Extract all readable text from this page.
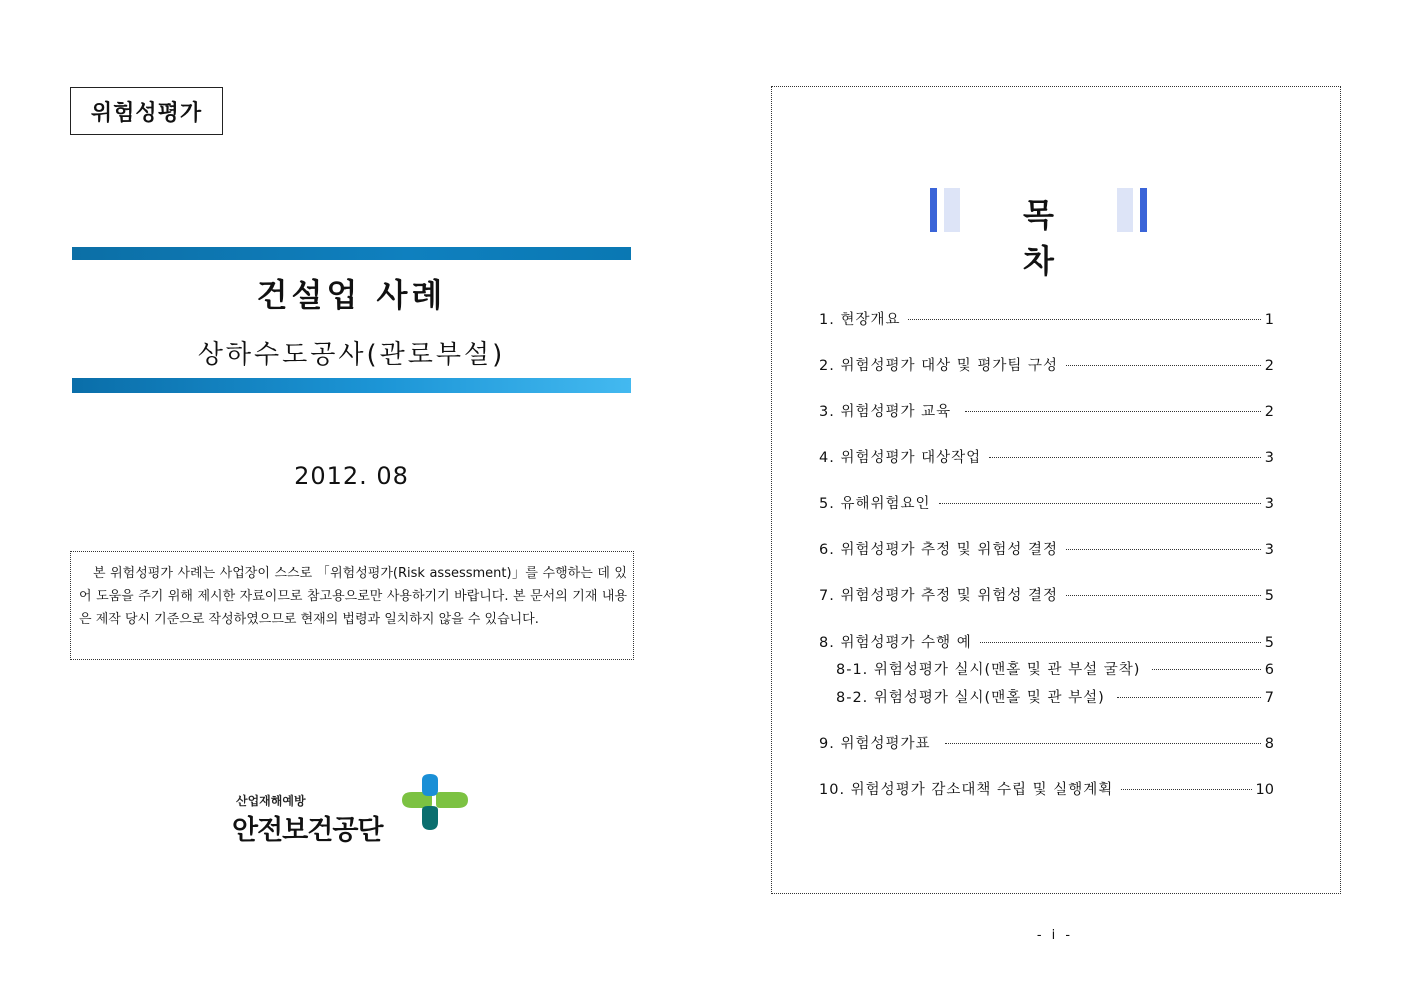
위험성평가
건설업 사례
상하수도공사(관로부설)
2012. 08

본 위험성평가 사례는 사업장이 스스로 「위험성평가(Risk assessment)」를 수행하는 데 있어 도움을 주기 위해 제시한 자료이므로 참고용으로만 사용하기기 바랍니다. 본 문서의 기재 내용은 제작 당시 기준으로 작성하였으므로 현재의 법령과 일치하지 않을 수 있습니다.

산업재해예방
안전보건공단
목 차
1. 현장개요	1
2. 위험성평가 대상 및 평가팀 구성	2
3. 위험성평가 교육	2
4. 위험성평가 대상작업	3
5. 유해위험요인	3
6. 위험성평가 추정 및 위험성 결정	3
7. 위험성평가 추정 및 위험성 결정	5
8. 위험성평가 수행 예	5
8-1. 위험성평가 실시(맨홀 및 관 부설 굴착)	6
8-2. 위험성평가 실시(맨홀 및 관 부설)	7
9. 위험성평가표	8
10. 위험성평가 감소대책 수립 및 실행계획	10
- i -
